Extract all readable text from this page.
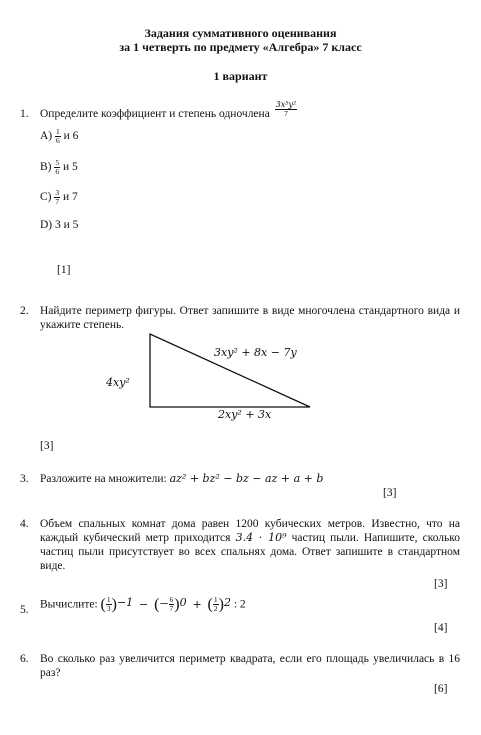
Задания суммативного оценивания
за 1 четверть по предмету «Алгебра» 7 класс
1 вариант
1. Определите коэффициент и степень одночлена $\frac{\text{3x⁵y²}}{7}$
$A) \frac{1}{6}$ и 6
$B) \frac{5}{6}$ и 5
$C) \frac{3}{7}$ и 7
D) 3 и 5
[1]
2. Найдите периметр фигуры. Ответ запишите в виде многочлена стандартного вида и укажите степень.
4xy²
3xy² + 8x − 7y
2xy² + 3x
[3]
3. Разложите на множители: az² + bz² − bz − az + a + b
[3]
4. Объем спальных комнат дома равен 1200 кубических метров. Известно, что на каждый кубический метр приходится 3.4 · 10⁹ частиц пыли. Напишите, сколько частиц пыли присутствует во всех спальнях дома. Ответ запишите в стандартном виде.
[3]
5. Вычислите: ( $\frac{1}{3} )^{-1}$ − (− $\frac{6}{7} )^0$ + ( $\frac{1}{2} )^2$ : 2
[4]
6. Во сколько раз увеличится периметр квадрата, если его площадь увеличилась в 16 раз?
[6]
